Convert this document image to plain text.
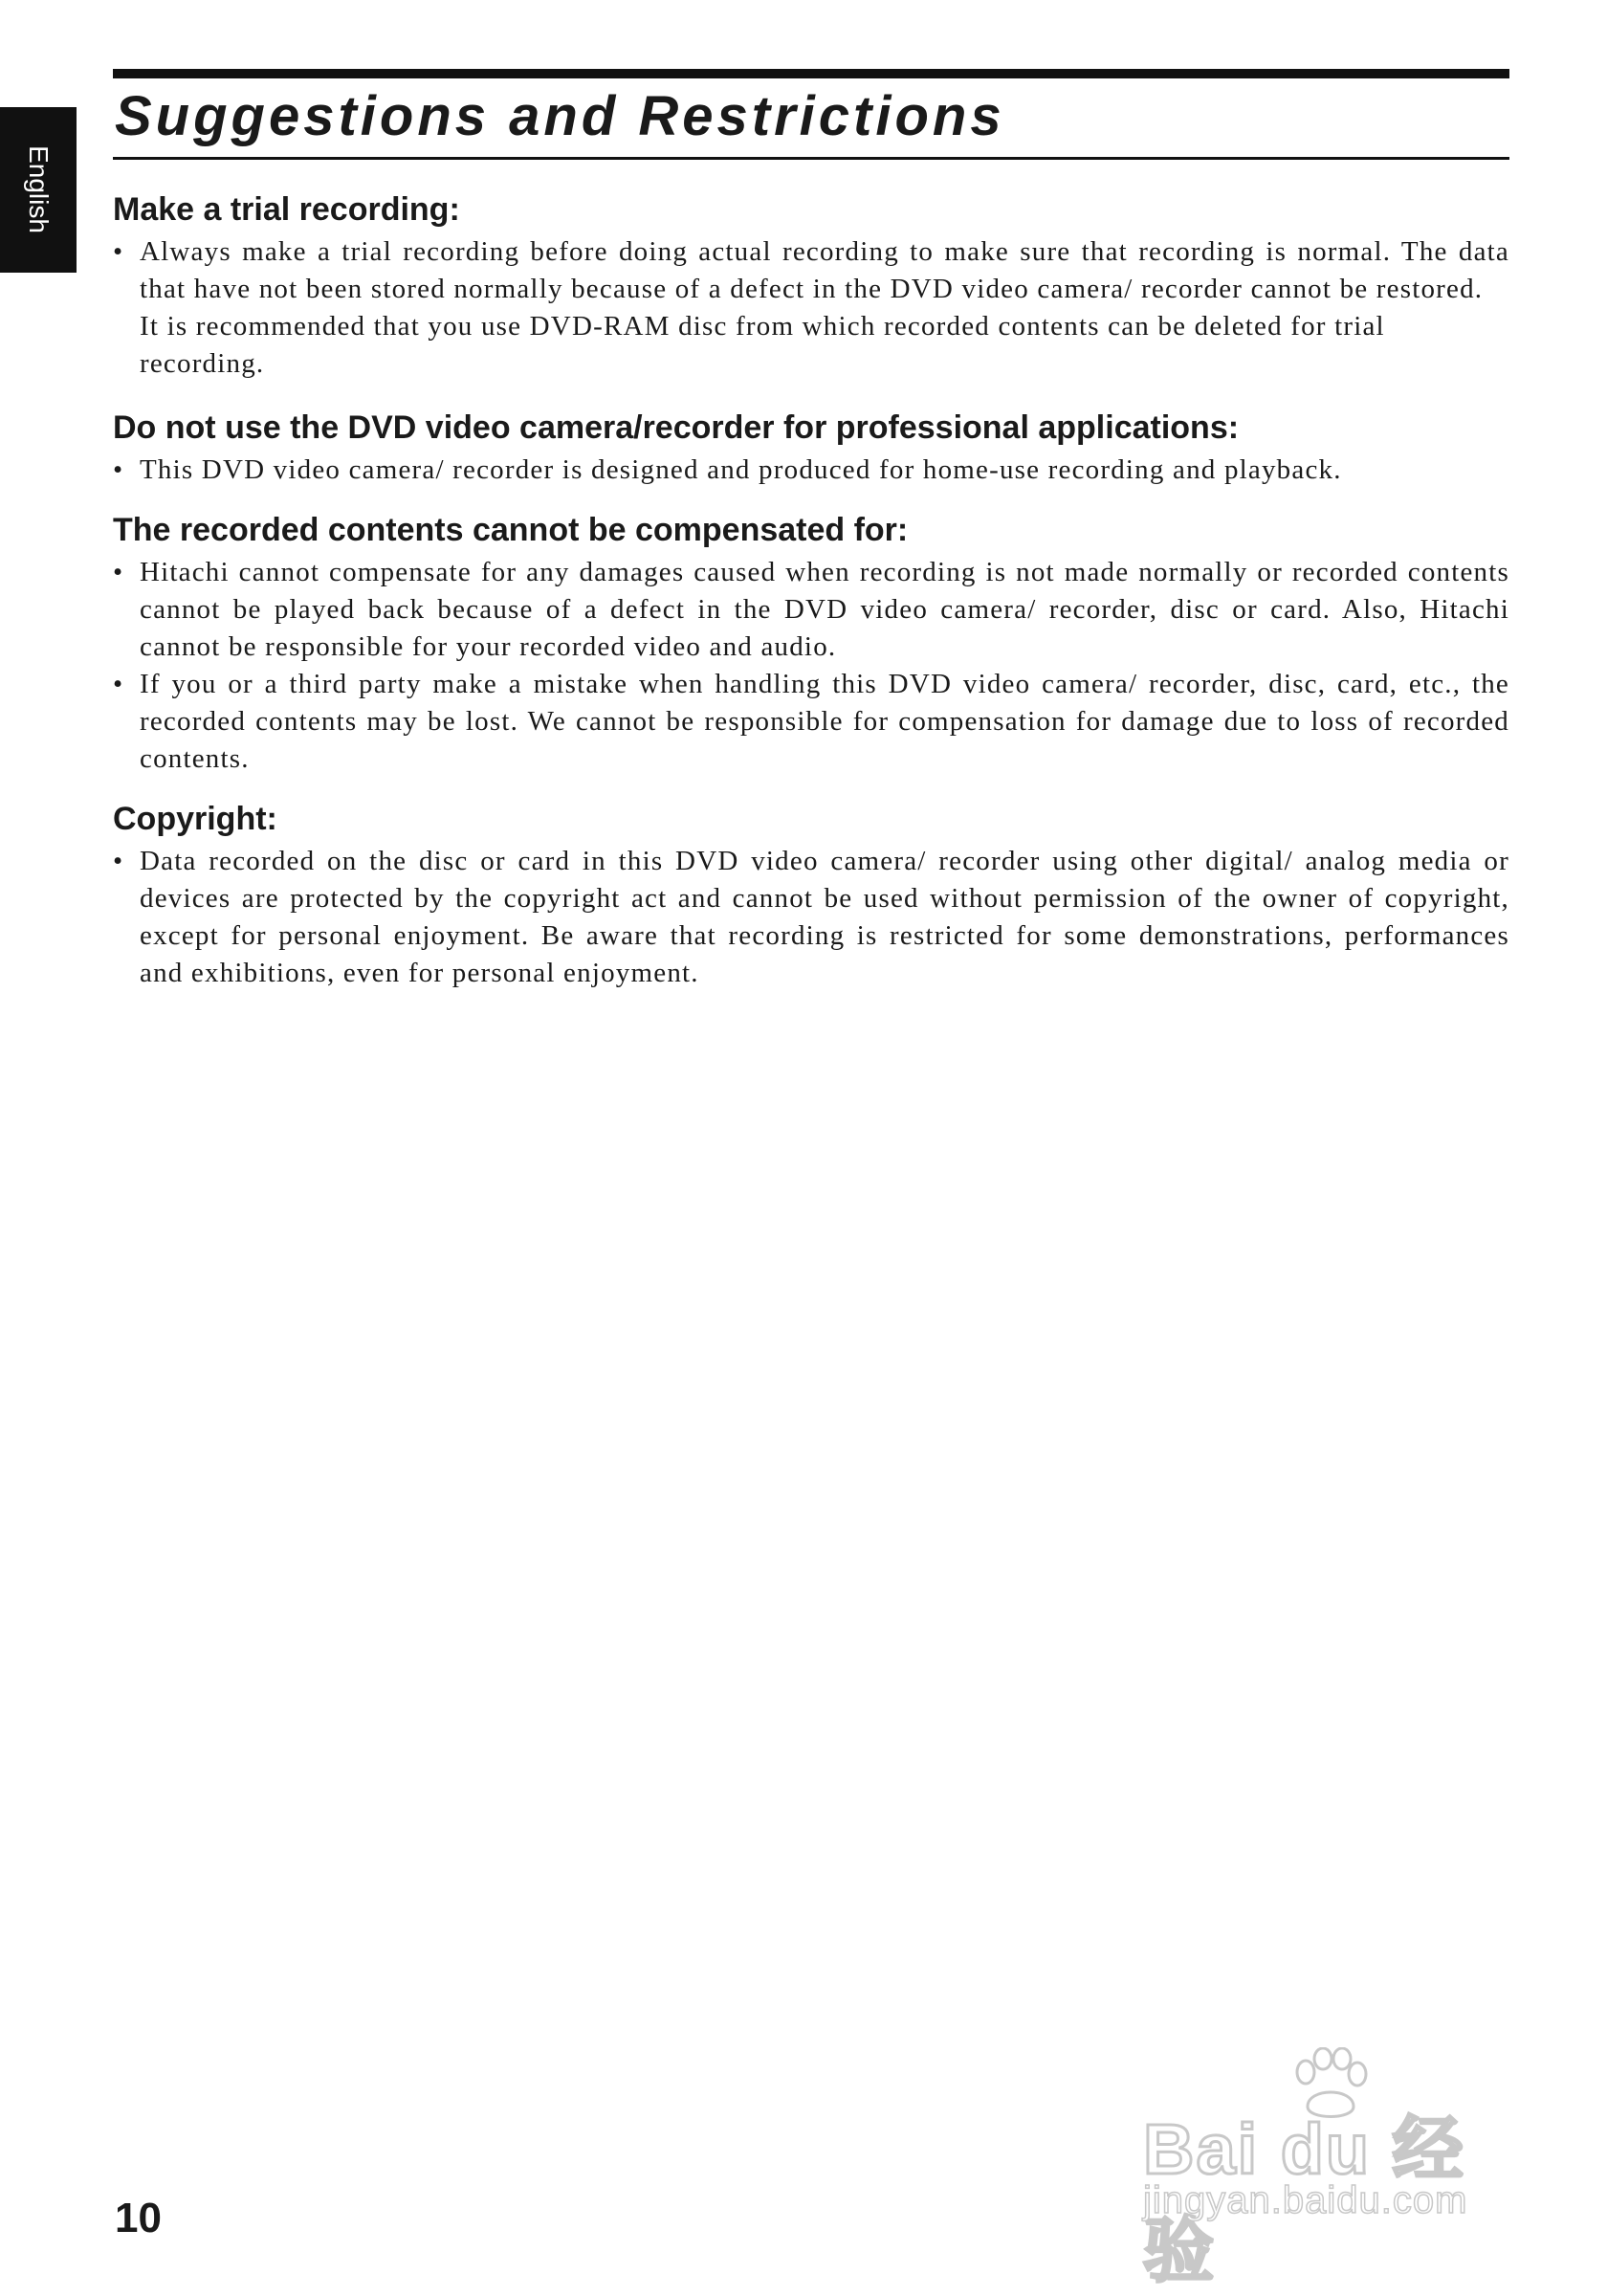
English
Suggestions and Restrictions
Make a trial recording:
• Always make a trial recording before doing actual recording to make sure that recording is normal. The data that have not been stored normally because of a defect in the DVD video camera/ recorder cannot be restored.

It is recommended that you use DVD-RAM disc from which recorded contents can be deleted for trial recording.

Do not use the DVD video camera/recorder for professional applications:
• This DVD video camera/ recorder is designed and produced for home-use recording and playback.
The recorded contents cannot be compensated for:
• Hitachi cannot compensate for any damages caused when recording is not made normally or recorded contents cannot be played back because of a defect in the DVD video camera/ recorder, disc or card. Also, Hitachi cannot be responsible for your recorded video and audio.
• If you or a third party make a mistake when handling this DVD video camera/ recorder, disc, card, etc., the recorded contents may be lost. We cannot be responsible for compensation for damage due to loss of recorded contents.
Copyright:
• Data recorded on the disc or card in this DVD video camera/ recorder using other digital/ analog media or devices are protected by the copyright act and cannot be used without permission of the owner of copyright, except for personal enjoyment. Be aware that recording is restricted for some demonstrations, performances and exhibitions, even for personal enjoyment.
10
Bai du 经验
jingyan.baidu.com
